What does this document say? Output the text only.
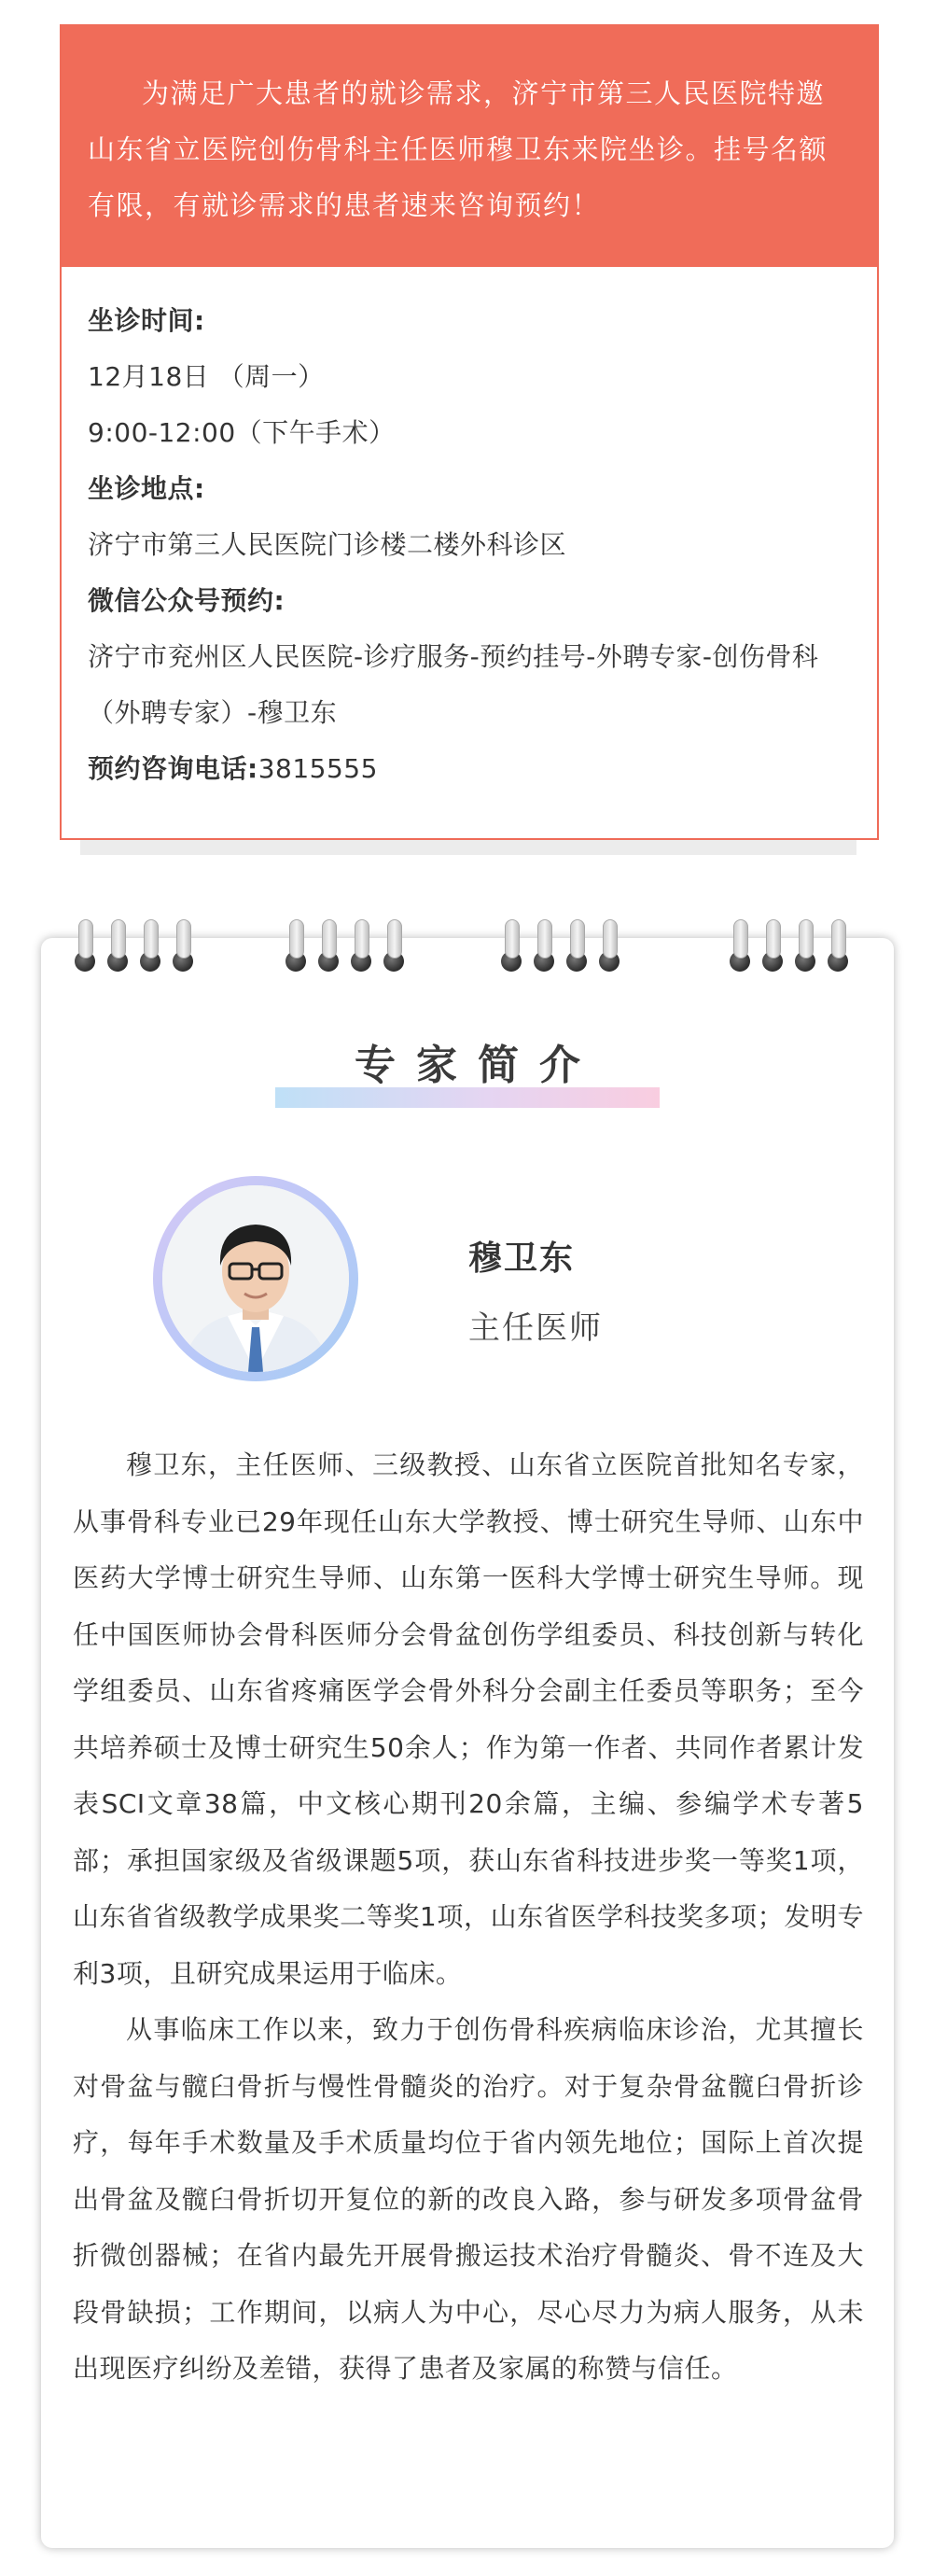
为满足广大患者的就诊需求，济宁市第三人民医院特邀山东省立医院创伤骨科主任医师穆卫东来院坐诊。挂号名额有限，有就诊需求的患者速来咨询预约！
坐诊时间:
12月18日 （周一）
9:00-12:00（下午手术）
坐诊地点:
济宁市第三人民医院门诊楼二楼外科诊区
微信公众号预约:
济宁市兖州区人民医院-诊疗服务-预约挂号-外聘专家-创伤骨科（外聘专家）-穆卫东
预约咨询电话:3815555
专家简介
穆卫东
主任医师

穆卫东，主任医师、三级教授、山东省立医院首批知名专家，从事骨科专业已29年现任山东大学教授、博士研究生导师、山东中医药大学博士研究生导师、山东第一医科大学博士研究生导师。现任中国医师协会骨科医师分会骨盆创伤学组委员、科技创新与转化学组委员、山东省疼痛医学会骨外科分会副主任委员等职务；至今共培养硕士及博士研究生50余人；作为第一作者、共同作者累计发表SCI文章38篇，中文核心期刊20余篇，主编、参编学术专著5部；承担国家级及省级课题5项，获山东省科技进步奖一等奖1项，山东省省级教学成果奖二等奖1项，山东省医学科技奖多项；发明专利3项，且研究成果运用于临床。

从事临床工作以来，致力于创伤骨科疾病临床诊治，尤其擅长对骨盆与髋臼骨折与慢性骨髓炎的治疗。对于复杂骨盆髋臼骨折诊疗，每年手术数量及手术质量均位于省内领先地位；国际上首次提出骨盆及髋臼骨折切开复位的新的改良入路，参与研发多项骨盆骨折微创器械；在省内最先开展骨搬运技术治疗骨髓炎、骨不连及大段骨缺损；工作期间，以病人为中心，尽心尽力为病人服务，从未出现医疗纠纷及差错，获得了患者及家属的称赞与信任。
